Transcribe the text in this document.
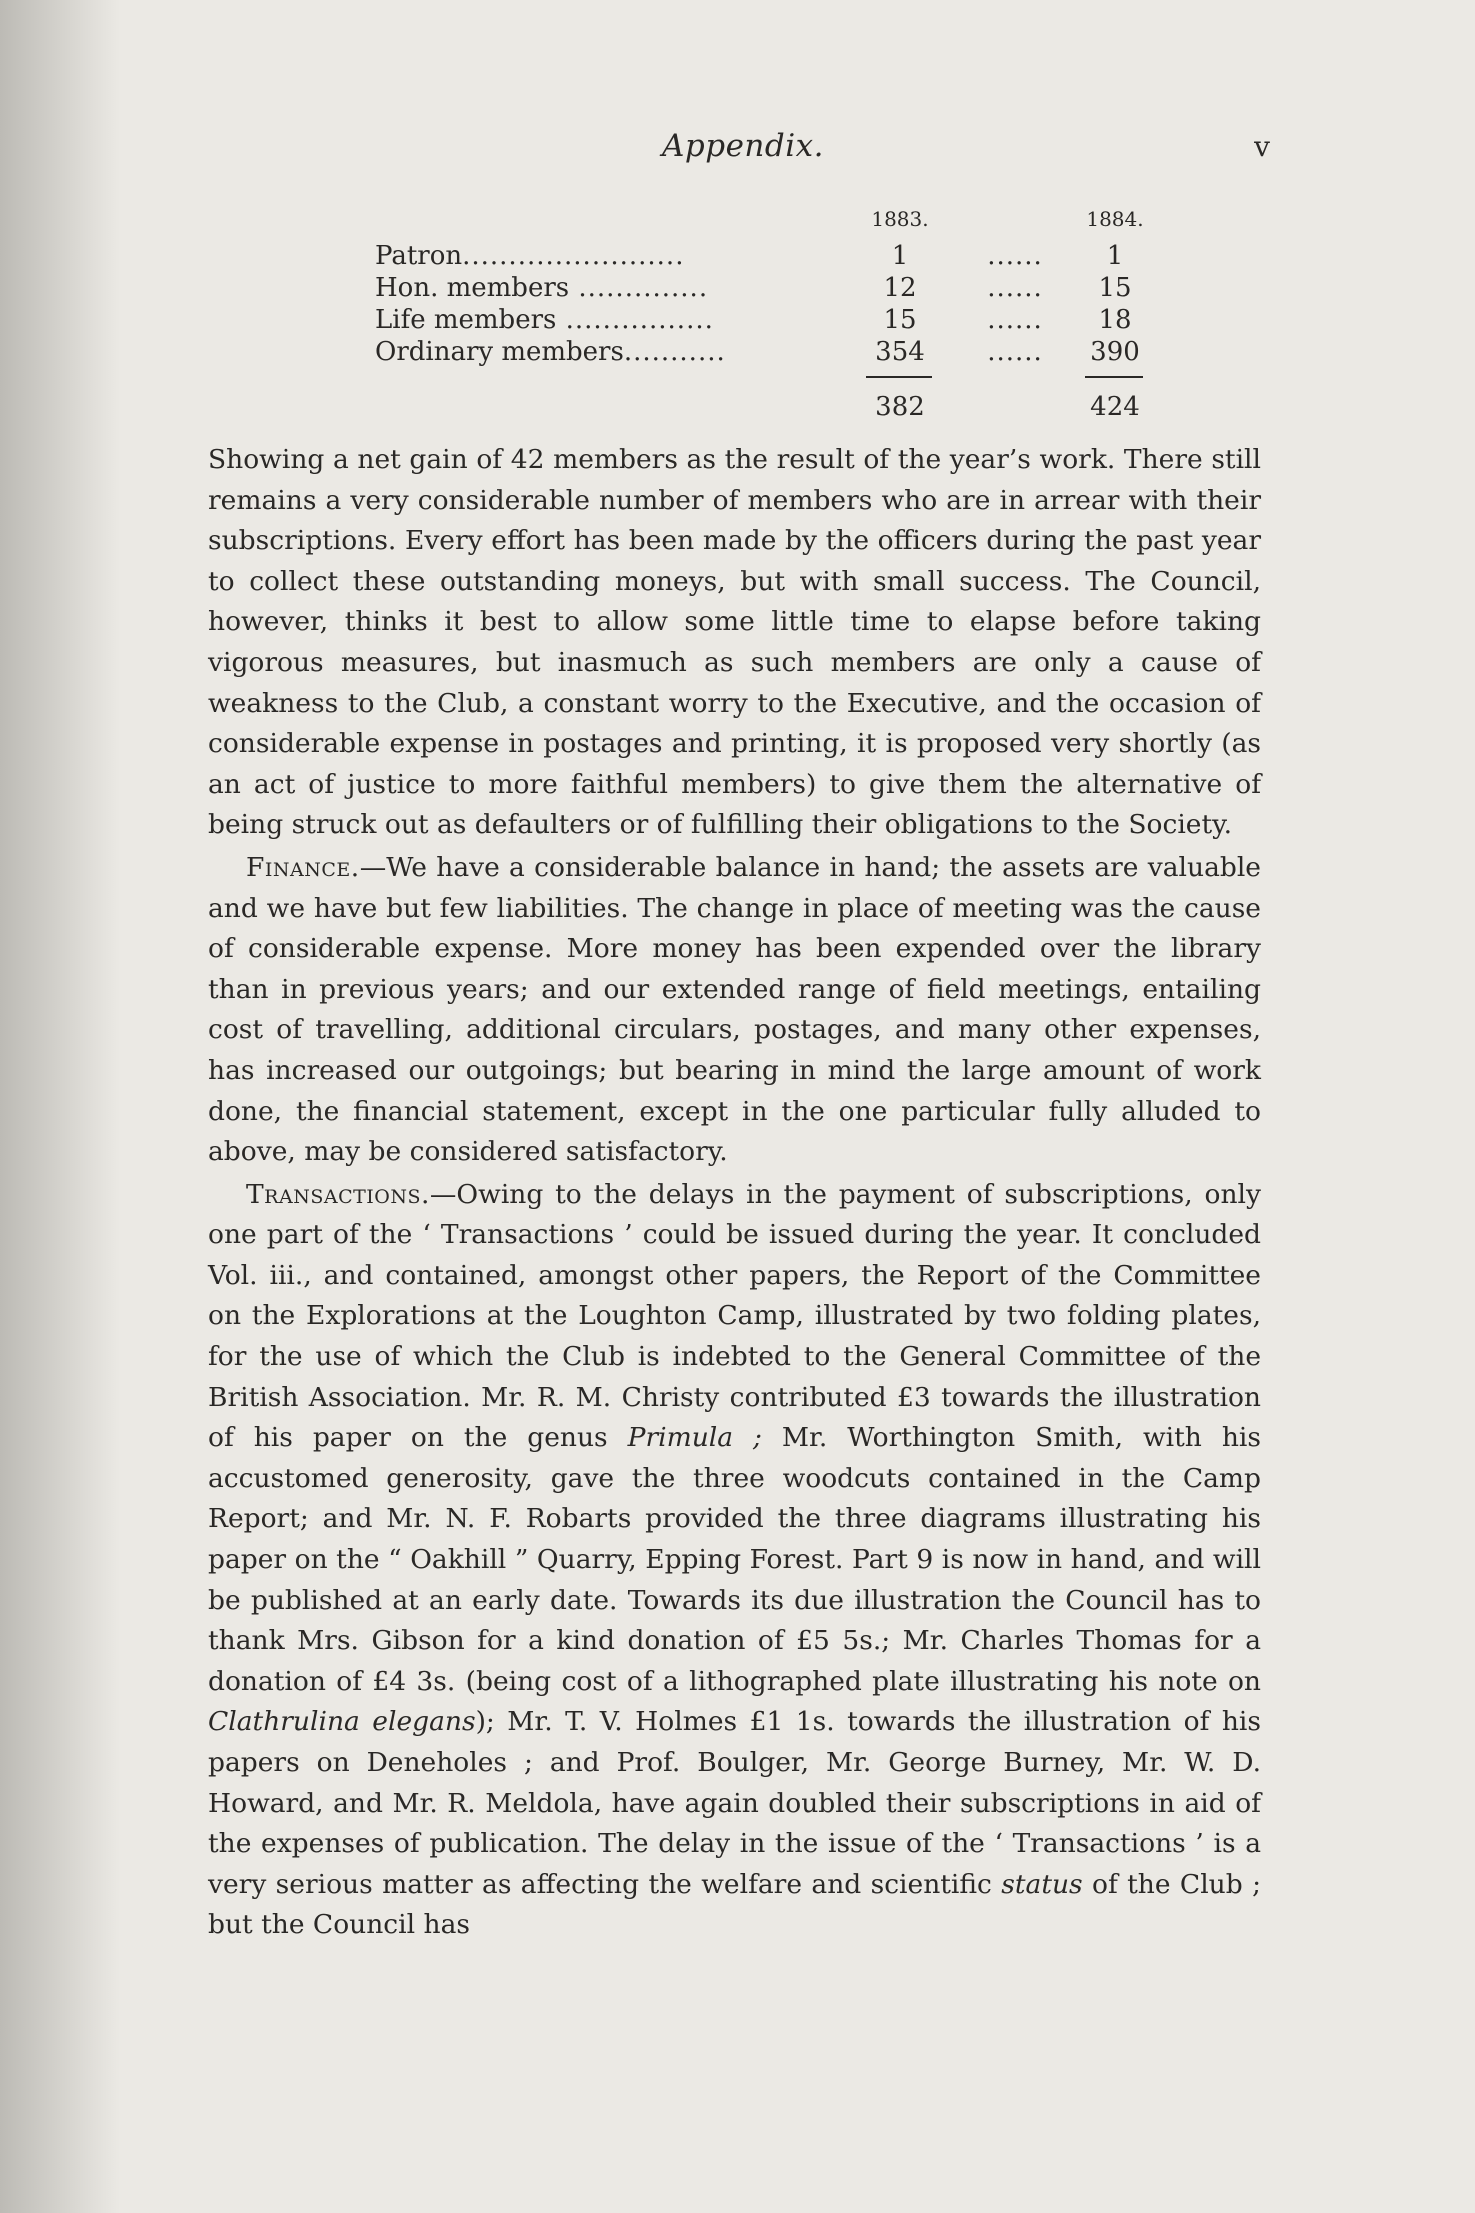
Appendix.	v
1883.	1884.
Patron........................	1	......	1
Hon. members ..............	12	......	15
Life members ................	15	......	18
Ordinary members...........	354	......	390
382	424

Showing a net gain of 42 members as the result of the year’s work. There still remains a very considerable number of members who are in arrear with their subscriptions. Every effort has been made by the officers during the past year to collect these outstanding moneys, but with small success. The Council, however, thinks it best to allow some little time to elapse before taking vigorous measures, but inasmuch as such members are only a cause of weakness to the Club, a constant worry to the Executive, and the occasion of considerable expense in postages and printing, it is proposed very shortly (as an act of justice to more faithful members) to give them the alternative of being struck out as defaulters or of fulfilling their obligations to the Society.

Finance.—We have a considerable balance in hand; the assets are valuable and we have but few liabilities. The change in place of meeting was the cause of considerable expense. More money has been expended over the library than in previous years; and our extended range of field meetings, entailing cost of travelling, additional circulars, postages, and many other expenses, has increased our outgoings; but bearing in mind the large amount of work done, the financial statement, except in the one particular fully alluded to above, may be considered satisfactory.

Transactions.—Owing to the delays in the payment of subscriptions, only one part of the ‘ Transactions ’ could be issued during the year. It concluded Vol. iii., and contained, amongst other papers, the Report of the Committee on the Explorations at the Loughton Camp, illustrated by two folding plates, for the use of which the Club is indebted to the General Committee of the British Association. Mr. R. M. Christy contributed £3 towards the illustration of his paper on the genus Primula ; Mr. Worthington Smith, with his accustomed generosity, gave the three woodcuts contained in the Camp Report; and Mr. N. F. Robarts provided the three diagrams illustrating his paper on the “ Oakhill ” Quarry, Epping Forest. Part 9 is now in hand, and will be published at an early date. Towards its due illustration the Council has to thank Mrs. Gibson for a kind donation of £5 5s.; Mr. Charles Thomas for a donation of £4 3s. (being cost of a lithographed plate illustrating his note on Clathrulina elegans); Mr. T. V. Holmes £1 1s. towards the illustration of his papers on Deneholes ; and Prof. Boulger, Mr. George Burney, Mr. W. D. Howard, and Mr. R. Meldola, have again doubled their subscriptions in aid of the expenses of publication. The delay in the issue of the ‘ Transactions ’ is a very serious matter as affecting the welfare and scientific status of the Club ; but the Council has
